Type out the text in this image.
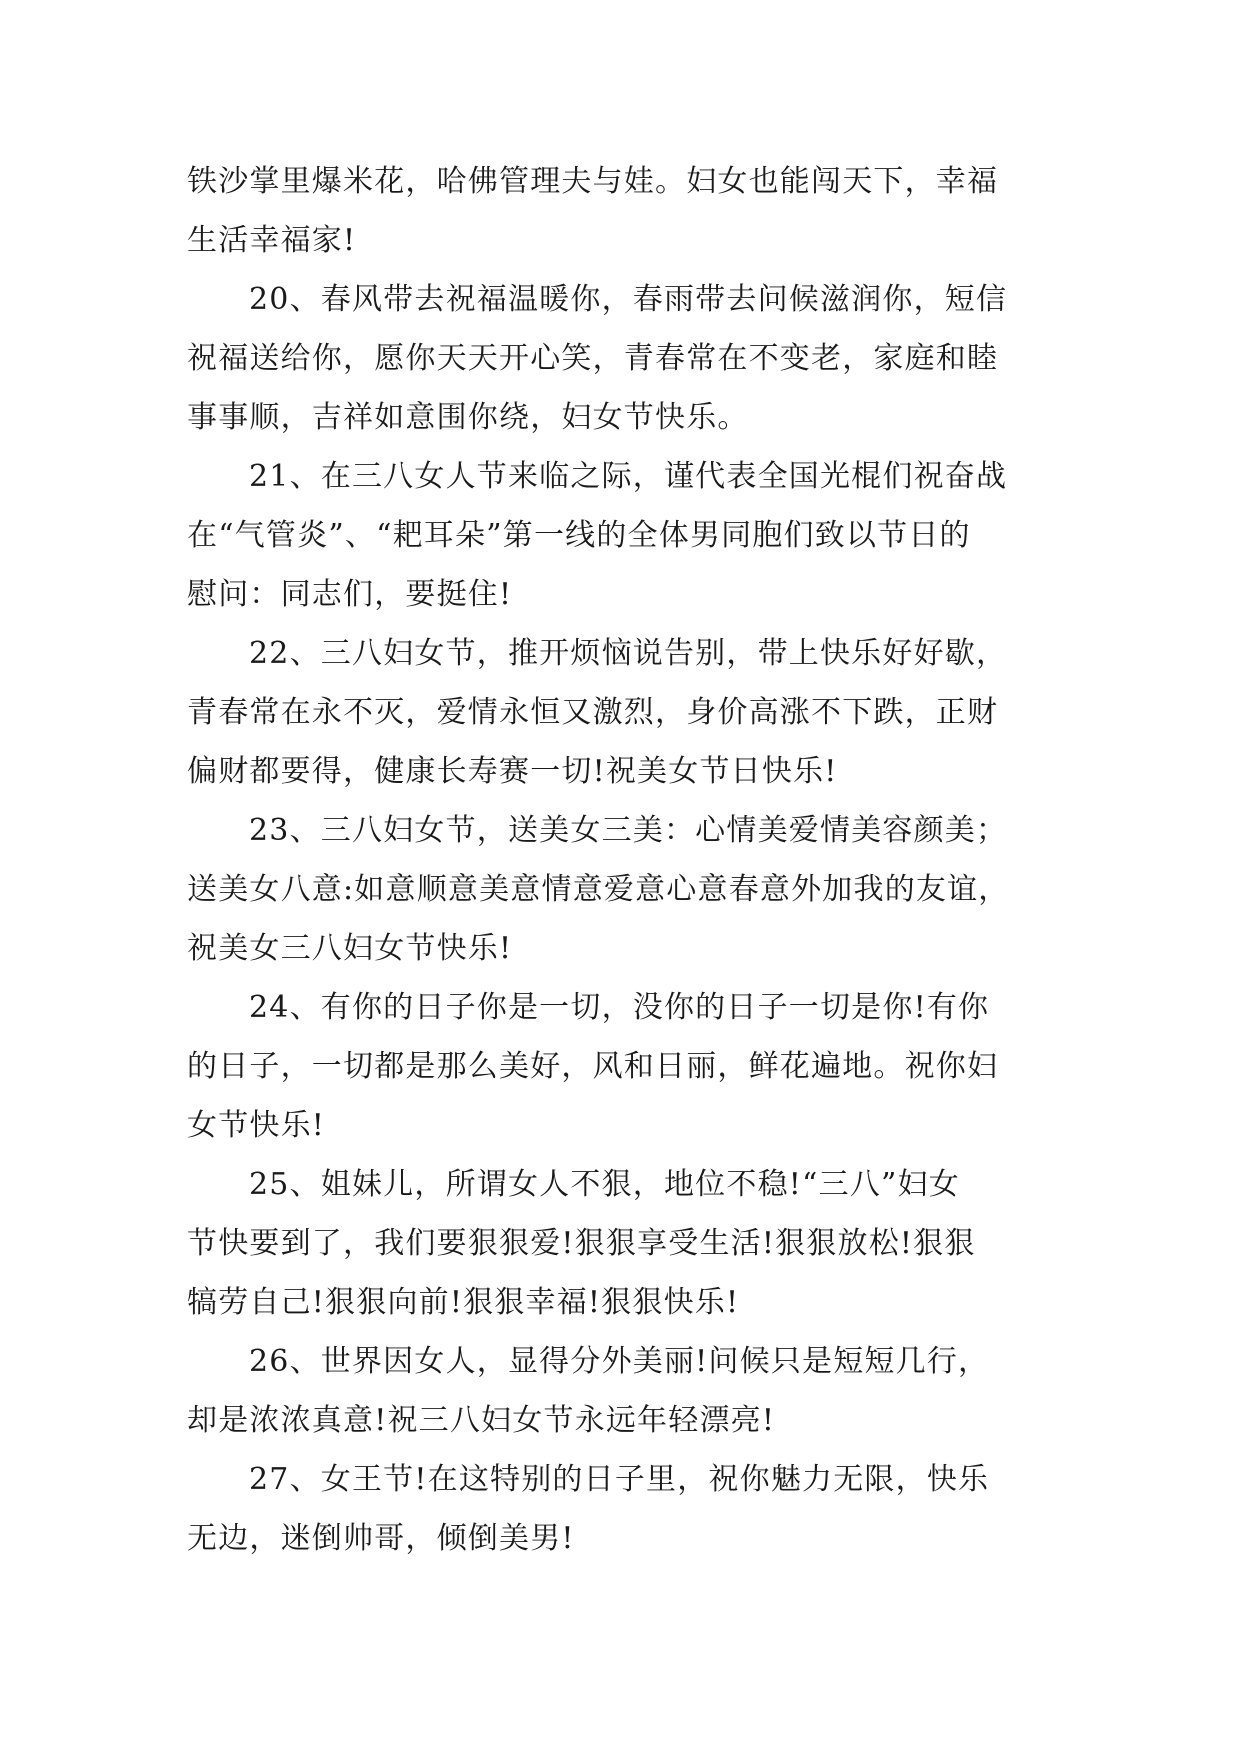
铁沙掌里爆米花，哈佛管理夫与娃。妇女也能闯天下，幸福
生活幸福家!
20、春风带去祝福温暖你，春雨带去问候滋润你，短信
祝福送给你，愿你天天开心笑，青春常在不变老，家庭和睦
事事顺，吉祥如意围你绕，妇女节快乐。
21、在三八女人节来临之际，谨代表全国光棍们祝奋战
在“气管炎”、“耙耳朵”第一线的全体男同胞们致以节日的
慰问：同志们，要挺住!
22、三八妇女节，推开烦恼说告别，带上快乐好好歇，
青春常在永不灭，爱情永恒又激烈，身价高涨不下跌，正财
偏财都要得，健康长寿赛一切!祝美女节日快乐!
23、三八妇女节，送美女三美：心情美爱情美容颜美；
送美女八意:如意顺意美意情意爱意心意春意外加我的友谊，
祝美女三八妇女节快乐!
24、有你的日子你是一切，没你的日子一切是你!有你
的日子，一切都是那么美好，风和日丽，鲜花遍地。祝你妇
女节快乐!
25、姐妹儿，所谓女人不狠，地位不稳!“三八”妇女
节快要到了，我们要狠狠爱!狠狠享受生活!狠狠放松!狠狠
犒劳自己!狠狠向前!狠狠幸福!狠狠快乐!
26、世界因女人，显得分外美丽!问候只是短短几行，
却是浓浓真意!祝三八妇女节永远年轻漂亮!
27、女王节!在这特别的日子里，祝你魅力无限，快乐
无边，迷倒帅哥，倾倒美男!
